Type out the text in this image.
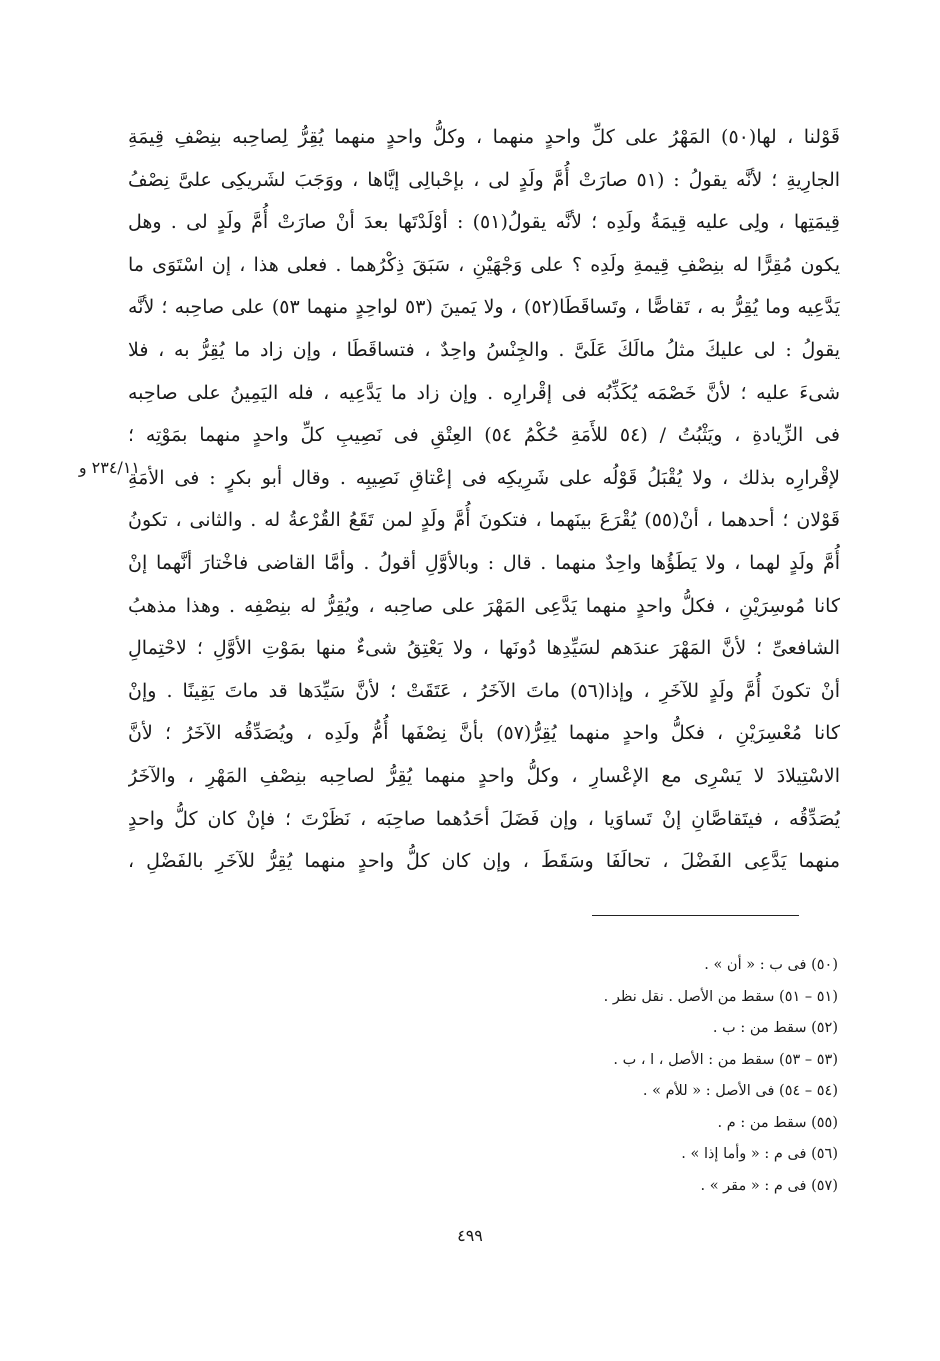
قَوْلنا ، لها(٥٠) المَهْرُ على كلِّ واحدٍ منهما ، وكلُّ واحدٍ منهما يُقِرُّ لِصاحِبه بنِصْفِ قِيمَةِ
الجارِيةِ ؛ لأنَّه يقولُ : (٥١ صارَتْ أُمَّ ولَدٍ لى ، بإحْبالِى إيَّاها ، ووَجَبَ لشَريكِى علىَّ نِصْفُ
قِيمَتِها ، ولِى عليه قِيمَةُ ولَدِه ؛ لأنَّه يقولُ(٥١) : أوْلَدْتَها بعدَ أنْ صارَتْ أُمَّ ولَدٍ لى . وهل
يكون مُقِرًّا له بنِصْفِ قِيمةِ ولَدِه ؟ على وَجْهَيْنِ ، سَبَقَ ذِكْرُهما . فعلى هذا ، إن اسْتَوَى ما
يَدَّعِيه وما يُقِرُّ به ، تَقاصًّا ، وتَساقَطَا(٥٢) ، ولا يَمينَ (٥٣ لواحِدٍ منهما ٥٣) على صاحِبه ؛ لأنَّه
يقولُ : لى عليكَ مثلُ مالَكَ عَلَىَّ . والجِنْسُ واحِدٌ ، فتساقَطَا ، وإن زاد ما يُقِرُّ به ، فلا
شىءَ عليه ؛ لأنَّ خَصْمَه يُكَذِّبُه فى إقْرارِه . وإن زاد ما يَدَّعِيه ، فله اليَمِينُ على صاحِبه
فى الزِّيادةِ ، ويَثْبُتُ / (٥٤ للأَمَةِ حُكْمُ ٥٤) العِتْقِ فى نَصِيبِ كلِّ واحدٍ منهما بمَوْتِه ؛
لإقْرارِه بذلك ، ولا يُقْبَلُ قَوْلُه على شَرِيكِه فى إعْتاقِ نَصِيبِه . وقال أبو بكرٍ : فى الأمَةِ
قَوْلان ؛ أحدهما ، أنْ(٥٥) يُقْرَعَ بينَهما ، فتكونَ أُمَّ ولَدٍ لمن تَقَعُ القُرْعةُ له . والثانى ، تكونُ
أُمَّ ولَدٍ لهما ، ولا يَطَؤُها واحِدٌ منهما . قال : وبالأوَّلِ أقولُ . وأمَّا القاضى فاخْتارَ أنَّهما إنْ
كانا مُوسِرَيْنِ ، فكلُّ واحدٍ منهما يَدَّعِى المَهْرَ على صاحِبه ، ويُقِرُّ له بنِصْفِه . وهذا مذهبُ
الشافعىِّ ؛ لأنَّ المَهْرَ عندَهم لسَيِّدِها دُونَها ، ولا يَعْتِقُ شىءٌ منها بمَوْتِ الأوَّلِ ؛ لاحْتِمالِ
أنْ تكونَ أُمَّ ولَدٍ للآخَرِ ، وإذا(٥٦) ماتَ الآخَرُ ، عَتَقَتْ ؛ لأنَّ سَيِّدَها قد ماتَ يَقِينًا . وإنْ
كانا مُعْسِرَيْنِ ، فكلُّ واحدٍ منهما يُقِرُّ(٥٧) بأنَّ نِصْفَها أُمُّ ولَدِه ، ويُصَدِّقُه الآخَرُ ؛ لأنَّ
الاسْتِيلادَ لا يَسْرِى مع الإعْسارِ ، وكلُّ واحدٍ منهما يُقِرُّ لصاحِبه بنِصْفِ المَهْرِ ، والآخَرُ
يُصَدِّقُه ، فيتَقاصَّانِ إنْ تَساوَيا ، وإن فَضَلَ أحَدُهما صاحِبَه ، نَظَرْتَ ؛ فإنْ كان كلُّ واحدٍ
منهما يَدَّعِى الفَضْلَ ، تحالَفَا وسَقَطَ ، وإن كان كلُّ واحدٍ منهما يُقِرُّ للآخَرِ بالفَضْلِ ،
٢٣٤/١١ و
(٥٠) فى ب : « أن » .
(٥١ – ٥١) سقط من الأصل . نقل نظر .
(٥٢) سقط من : ب .
(٥٣ – ٥٣) سقط من : الأصل ، ا ، ب .
(٥٤ – ٥٤) فى الأصل : « للأم » .
(٥٥) سقط من : م .
(٥٦) فى م : « وأما إذا » .
(٥٧) فى م : « مقر » .
٤٩٩
